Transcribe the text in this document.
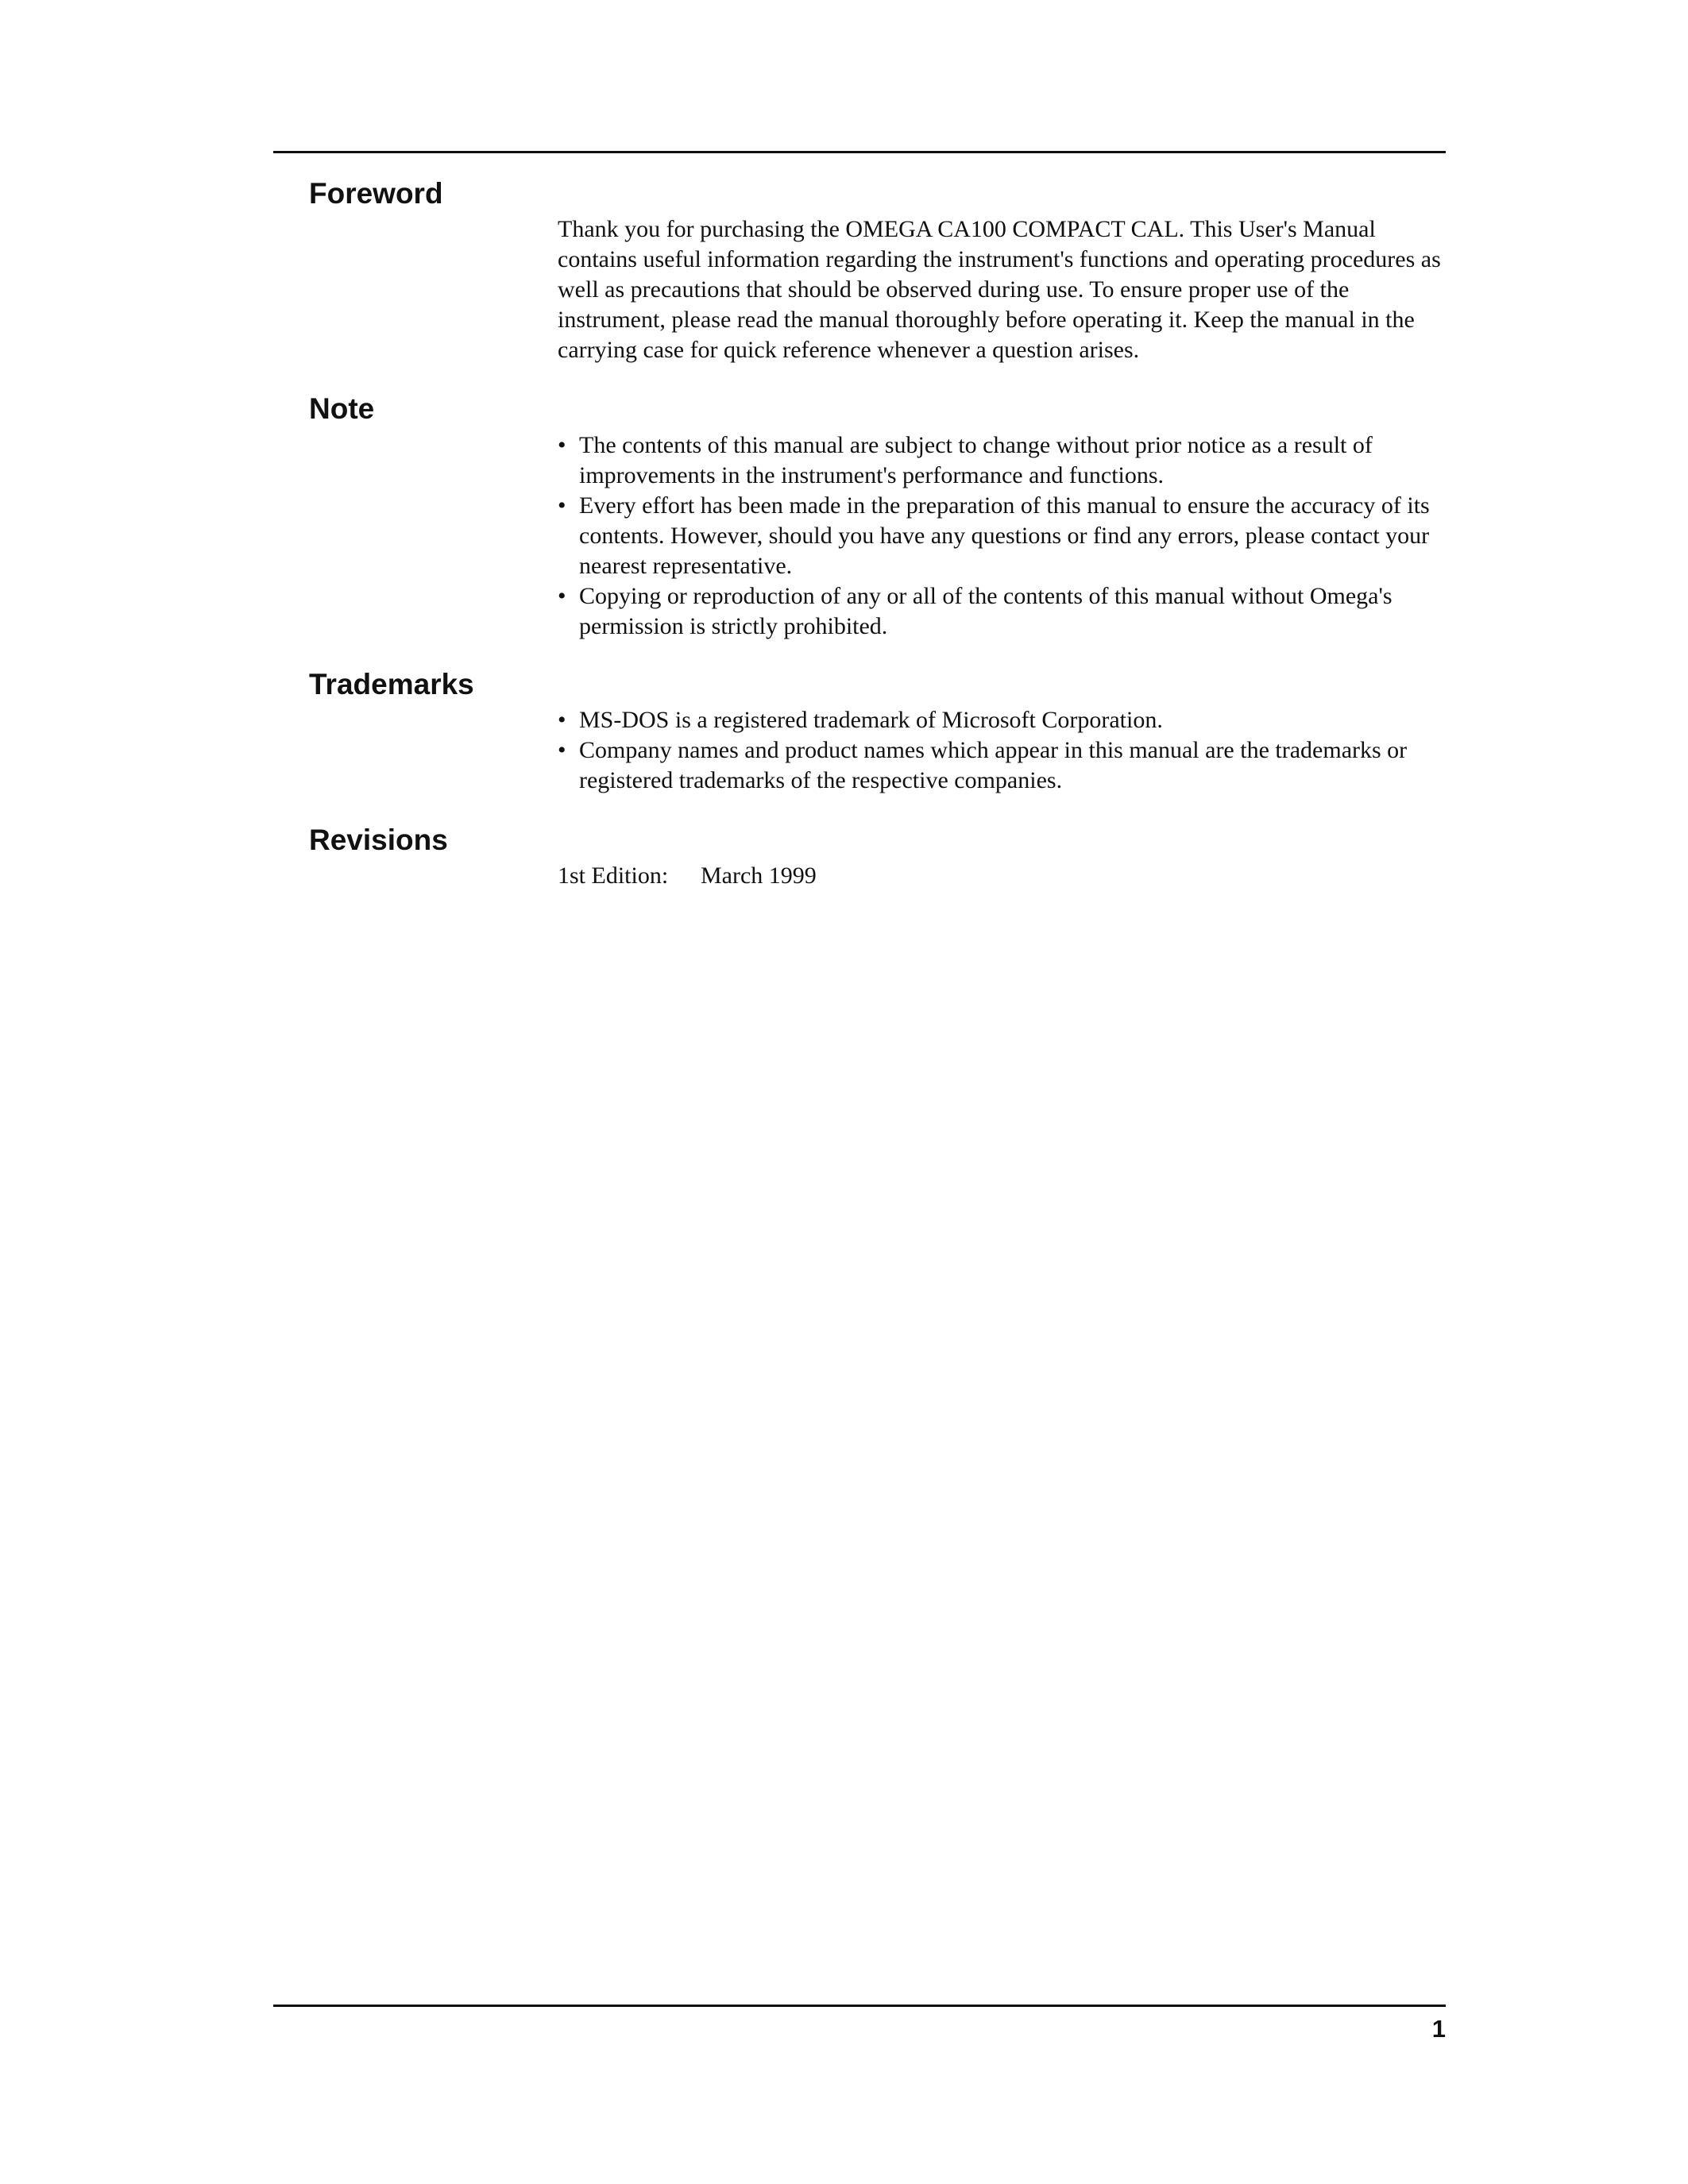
Foreword

Thank you for purchasing the OMEGA CA100 COMPACT CAL. This User's Manual contains useful information regarding the instrument's functions and operating procedures as well as precautions that should be observed during use. To ensure proper use of the instrument, please read the manual thoroughly before operating it. Keep the manual in the carrying case for quick reference whenever a question arises.

Note
• The contents of this manual are subject to change without prior notice as a result of improvements in the instrument's performance and functions.
• Every effort has been made in the preparation of this manual to ensure the accuracy of its contents. However, should you have any questions or find any errors, please contact your nearest representative.
• Copying or reproduction of any or all of the contents of this manual without Omega's permission is strictly prohibited.
Trademarks
• MS-DOS is a registered trademark of Microsoft Corporation.
• Company names and product names which appear in this manual are the trademarks or registered trademarks of the respective companies.
Revisions
1st Edition: March 1999
1
